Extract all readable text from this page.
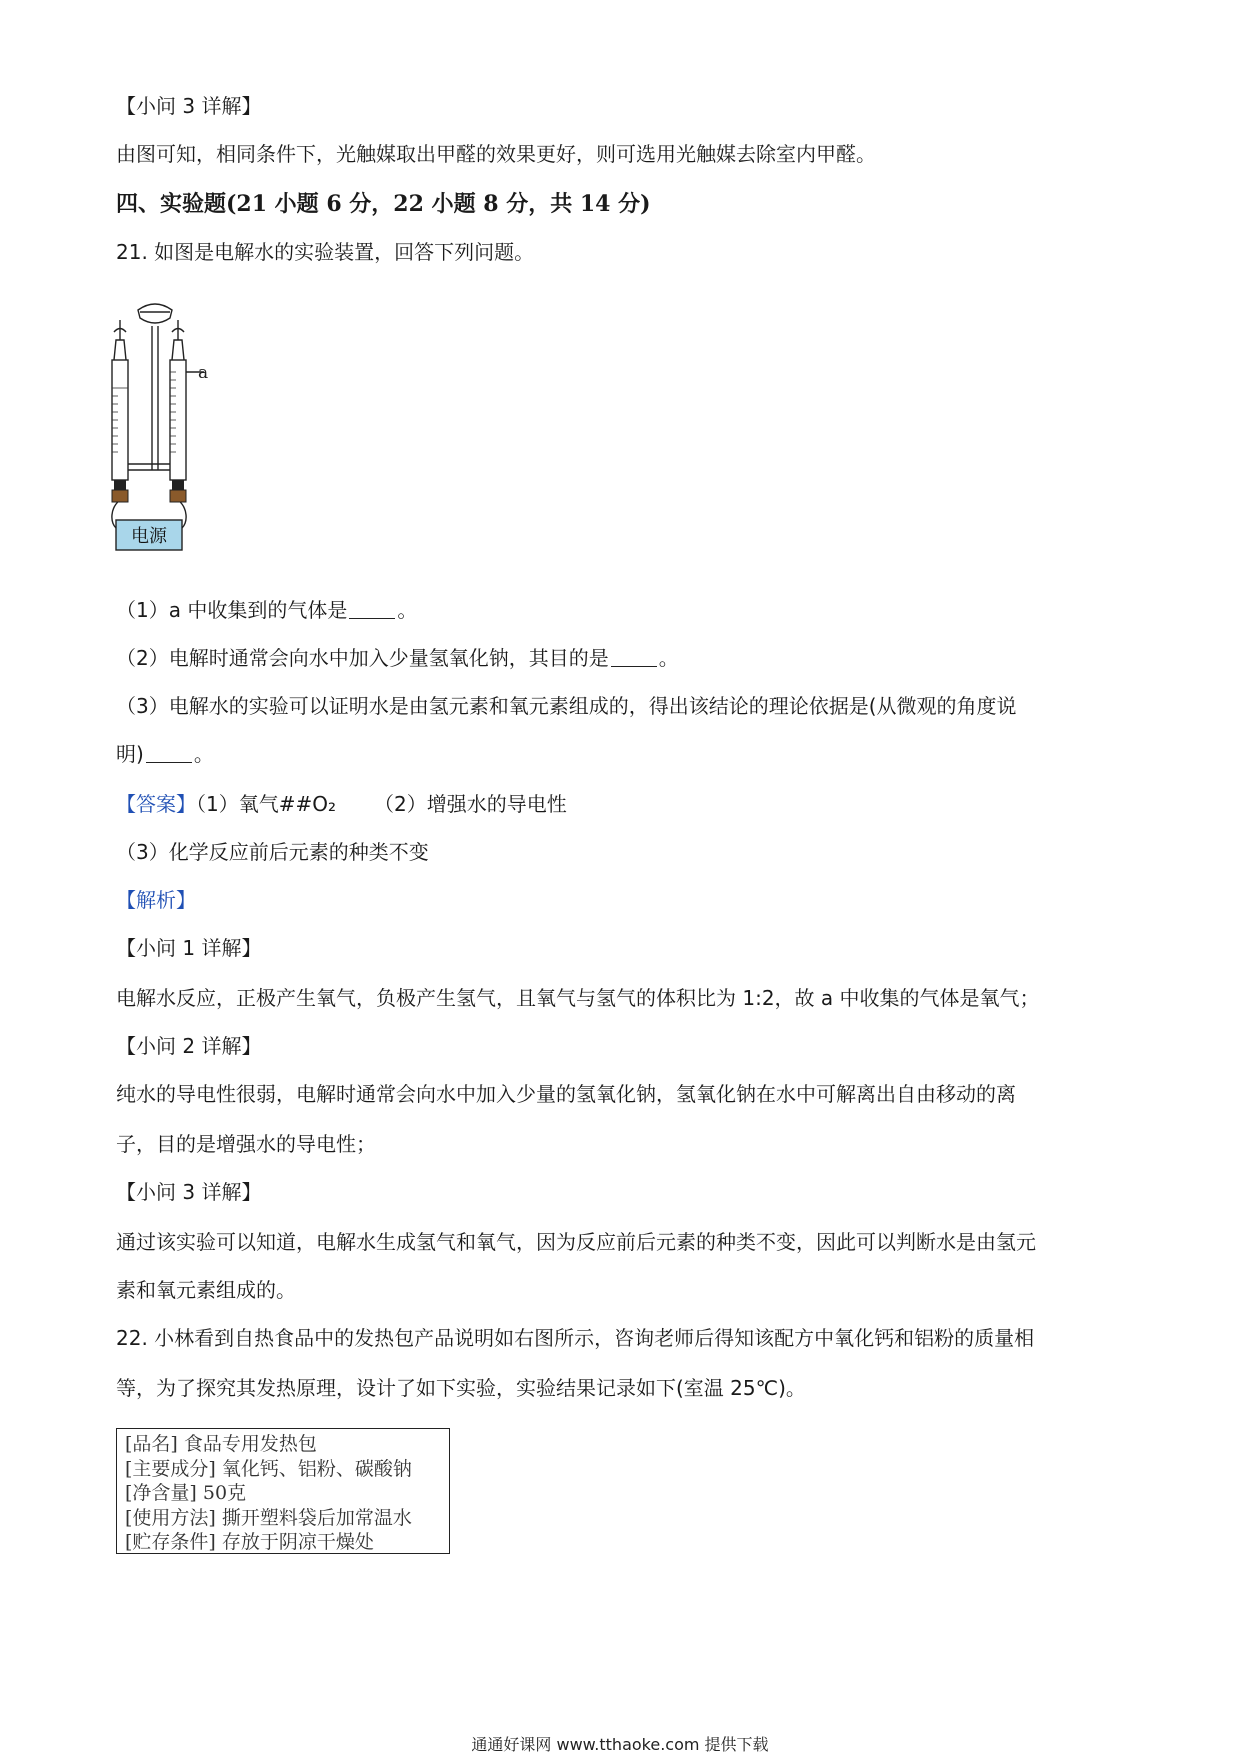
【小问 3 详解】
由图可知，相同条件下，光触媒取出甲醛的效果更好，则可选用光触媒去除室内甲醛。
四、实验题(21 小题 6 分，22 小题 8 分，共 14 分)
21. 如图是电解水的实验装置，回答下列问题。
a
电源
（1）a 中收集到的气体是	。
（2）电解时通常会向水中加入少量氢氧化钠，其目的是	。
（3）电解水的实验可以证明水是由氢元素和氧元素组成的，得出该结论的理论依据是(从微观的角度说
明)	。
【答案】（1）氧气##O₂ （2）增强水的导电性
（3）化学反应前后元素的种类不变
【解析】
【小问 1 详解】
电解水反应，正极产生氧气，负极产生氢气，且氧气与氢气的体积比为 1:2，故 a 中收集的气体是氧气；
【小问 2 详解】
纯水的导电性很弱，电解时通常会向水中加入少量的氢氧化钠，氢氧化钠在水中可解离出自由移动的离
子，目的是增强水的导电性；
【小问 3 详解】
通过该实验可以知道，电解水生成氢气和氧气，因为反应前后元素的种类不变，因此可以判断水是由氢元
素和氧元素组成的。
22. 小林看到自热食品中的发热包产品说明如右图所示，咨询老师后得知该配方中氧化钙和铝粉的质量相
等，为了探究其发热原理，设计了如下实验，实验结果记录如下(室温 25℃)。
[品名] 食品专用发热包
[主要成分] 氧化钙、铝粉、碳酸钠
[净含量] 50克
[使用方法] 撕开塑料袋后加常温水
[贮存条件] 存放于阴凉干燥处
通通好课网 www.tthaoke.com 提供下载
